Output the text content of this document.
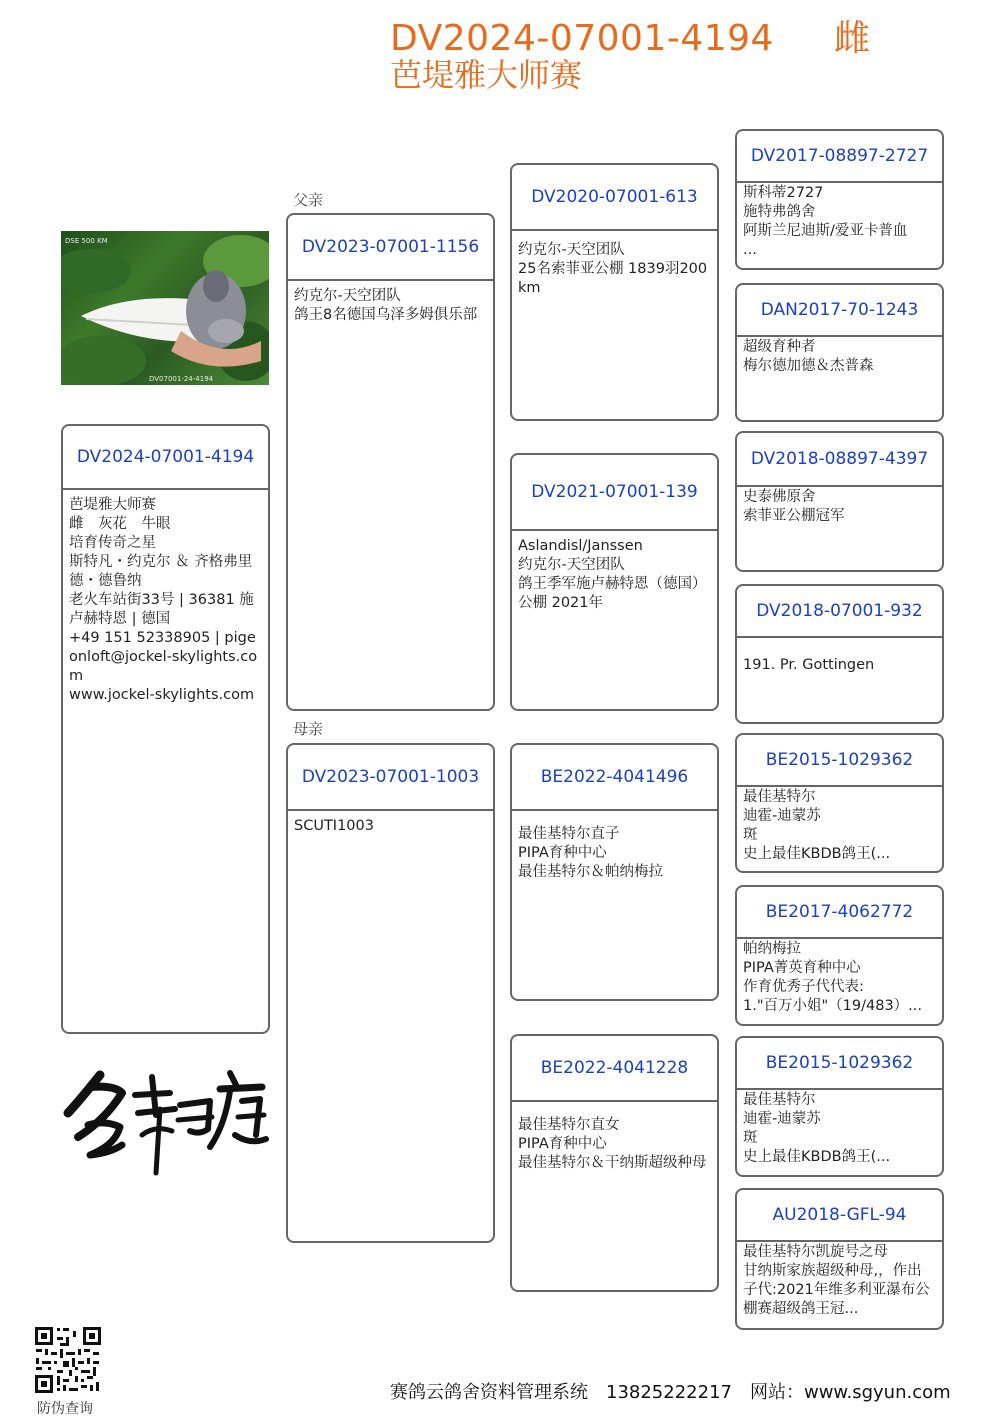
DV2024-07001-4194 雌
芭堤雅大师赛
DSE 500 KM
DV07001-24-4194
DV2024-07001-4194
芭堤雅大师赛
雌　灰花　牛眼
培育传奇之星
斯特凡・约克尔 ＆ 齐格弗里德・德鲁纳
老火车站街33号 | 36381 施卢赫特恩 | 德国
+49 151 52338905 | pigeonloft@jockel-skylights.com
www.jockel-skylights.com
父亲
母亲
DV2023-07001-1156
约克尔-天空团队
鸽王8名德国乌泽多姆俱乐部
DV2023-07001-1003
SCUTI1003
DV2020-07001-613
约克尔-天空团队
25名索菲亚公棚 1839羽200 km
DV2021-07001-139
Aslandisl/Janssen
约克尔-天空团队
鸽王季军施卢赫特恩（德国）公棚 2021年
BE2022-4041496
最佳基特尔直子
PIPA育种中心
最佳基特尔＆帕纳梅拉
BE2022-4041228
最佳基特尔直女
PIPA育种中心
最佳基特尔＆干纳斯超级种母
DV2017-08897-2727
斯科蒂2727
施特弗鸽舍
阿斯兰尼迪斯/爱亚卡普血
...
DAN2017-70-1243
超级育种者
梅尔德加德＆杰普森
DV2018-08897-4397
史泰佛原舍
索菲亚公棚冠军
DV2018-07001-932
191. Pr. Gottingen
BE2015-1029362
最佳基特尔
迪霍-迪蒙苏
斑
史上最佳KBDB鸽王(...
BE2017-4062772
帕纳梅拉
PIPA菁英育种中心
作育优秀子代代表:
1."百万小姐"（19/483）...
BE2015-1029362
最佳基特尔
迪霍-迪蒙苏
斑
史上最佳KBDB鸽王(...
AU2018-GFL-94
最佳基特尔凯旋号之母
甘纳斯家族超级种母,，作出子代:2021年维多利亚瀑布公棚赛超级鸽王冠...
防伪查询
赛鸽云鸽舍资料管理系统　13825222217　网站：www.sgyun.com
